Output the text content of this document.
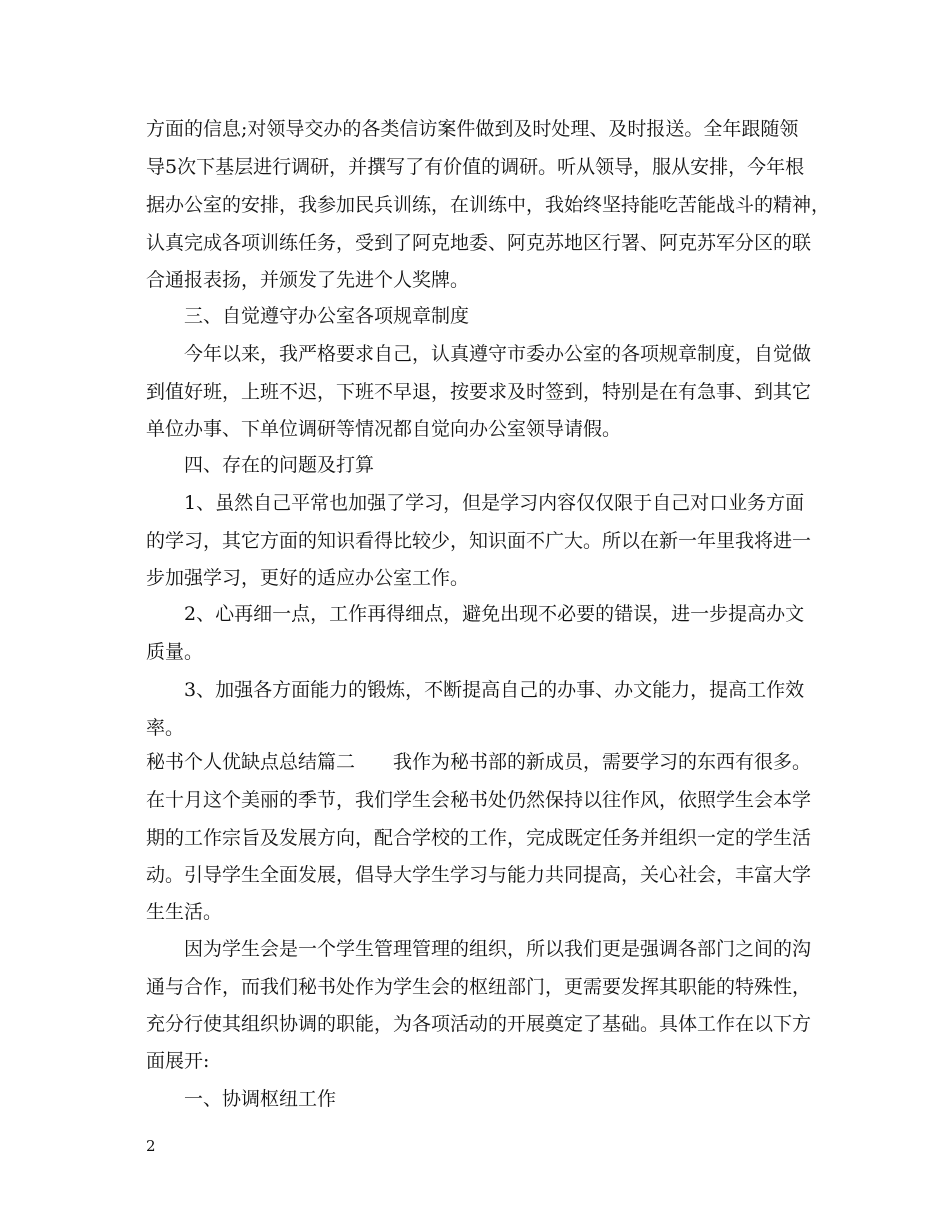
方面的信息;对领导交办的各类信访案件做到及时处理、及时报送。全年跟随领
导5次下基层进行调研，并撰写了有价值的调研。听从领导，服从安排，今年根
据办公室的安排，我参加民兵训练，在训练中，我始终坚持能吃苦能战斗的精神，
认真完成各项训练任务，受到了阿克地委、阿克苏地区行署、阿克苏军分区的联
合通报表扬，并颁发了先进个人奖牌。
三、自觉遵守办公室各项规章制度
今年以来，我严格要求自己，认真遵守市委办公室的各项规章制度，自觉做
到值好班，上班不迟，下班不早退，按要求及时签到，特别是在有急事、到其它
单位办事、下单位调研等情况都自觉向办公室领导请假。
四、存在的问题及打算
1、虽然自己平常也加强了学习，但是学习内容仅仅限于自己对口业务方面
的学习，其它方面的知识看得比较少，知识面不广大。所以在新一年里我将进一
步加强学习，更好的适应办公室工作。
2、心再细一点，工作再得细点，避免出现不必要的错误，进一步提高办文
质量。
3、加强各方面能力的锻炼，不断提高自己的办事、办文能力，提高工作效
率。
秘书个人优缺点总结篇二　　我作为秘书部的新成员，需要学习的东西有很多。
在十月这个美丽的季节，我们学生会秘书处仍然保持以往作风，依照学生会本学
期的工作宗旨及发展方向，配合学校的工作，完成既定任务并组织一定的学生活
动。引导学生全面发展，倡导大学生学习与能力共同提高，关心社会，丰富大学
生生活。
因为学生会是一个学生管理管理的组织，所以我们更是强调各部门之间的沟
通与合作，而我们秘书处作为学生会的枢纽部门，更需要发挥其职能的特殊性，
充分行使其组织协调的职能，为各项活动的开展奠定了基础。具体工作在以下方
面展开:
一、协调枢纽工作
2
